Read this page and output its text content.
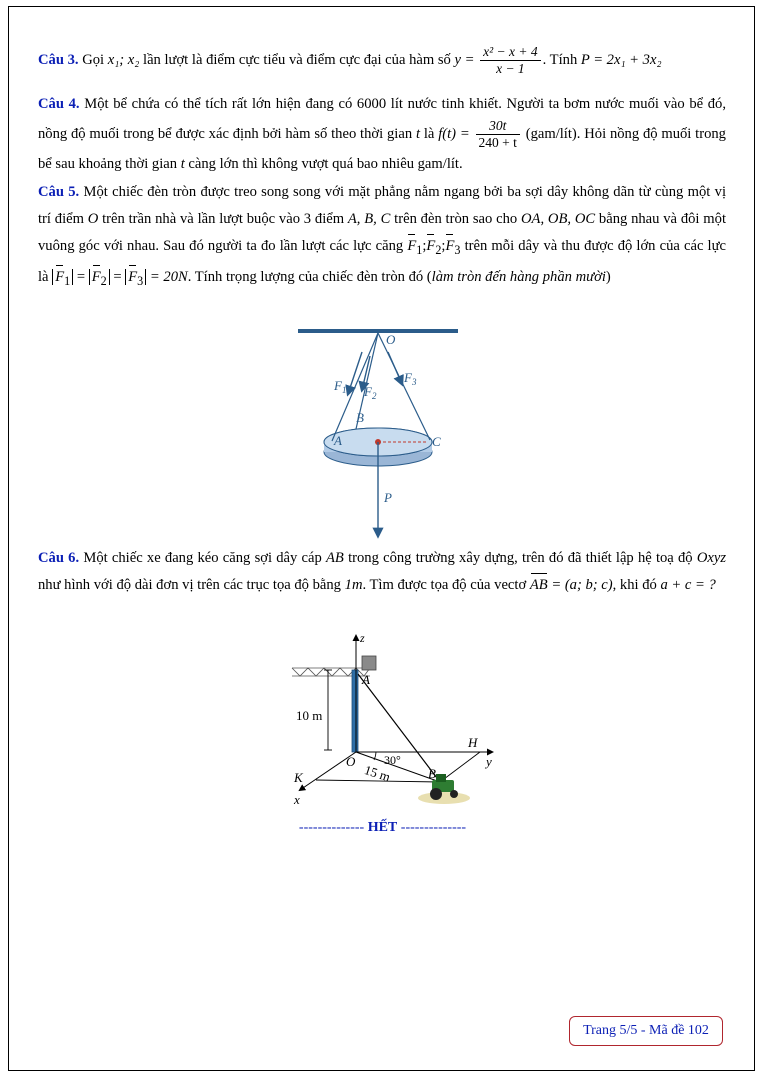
Câu 3. Gọi x₁; x₂ lần lượt là điểm cực tiểu và điểm cực đại của hàm số $y = \frac{\text{x² − x + 4}}{x - 1}$ . Tính P = 2x₁ + 3x₂
Câu 4. Một bể chứa có thể tích rất lớn hiện đang có 6000 lít nước tinh khiết. Người ta bơm nước muối vào bể đó, nồng độ muối trong bể được xác định bởi hàm số theo thời gian t là $f(t) = \frac{30t}{240 + t}$ (gam/lít). Hỏi nồng độ muối trong bể sau khoảng thời gian t càng lớn thì không vượt quá bao nhiêu gam/lít.
Câu 5. Một chiếc đèn tròn được treo song song với mặt phẳng nằm ngang bởi ba sợi dây không dãn từ cùng một vị trí điểm O trên trần nhà và lần lượt buộc vào 3 điểm A, B, C trên đèn tròn sao cho OA, OB, OC bằng nhau và đôi một vuông góc với nhau. Sau đó người ta đo lần lượt các lực căng $F_1;F_2;F_3$ trên mỗi dây và thu được độ lớn của các lực là $F_1 = F_2 = F_3 = 20N$. Tính trọng lượng của chiếc đèn tròn đó (làm tròn đến hàng phần mười)
O
A
B
C
$F_1$ $F_2$
$F_3$
P
Câu 6. Một chiếc xe đang kéo căng sợi dây cáp AB trong công trường xây dựng, trên đó đã thiết lập hệ toạ độ Oxyz như hình với độ dài đơn vị trên các trục tọa độ bằng 1m. Tìm được tọa độ của vectơ AB = (a; b; c), khi đó a + c = ?
z
A
10 m
H
y
O 30°
15 m	B
K
x
-------------- HẾT --------------
Trang 5/5 - Mã đề 102
